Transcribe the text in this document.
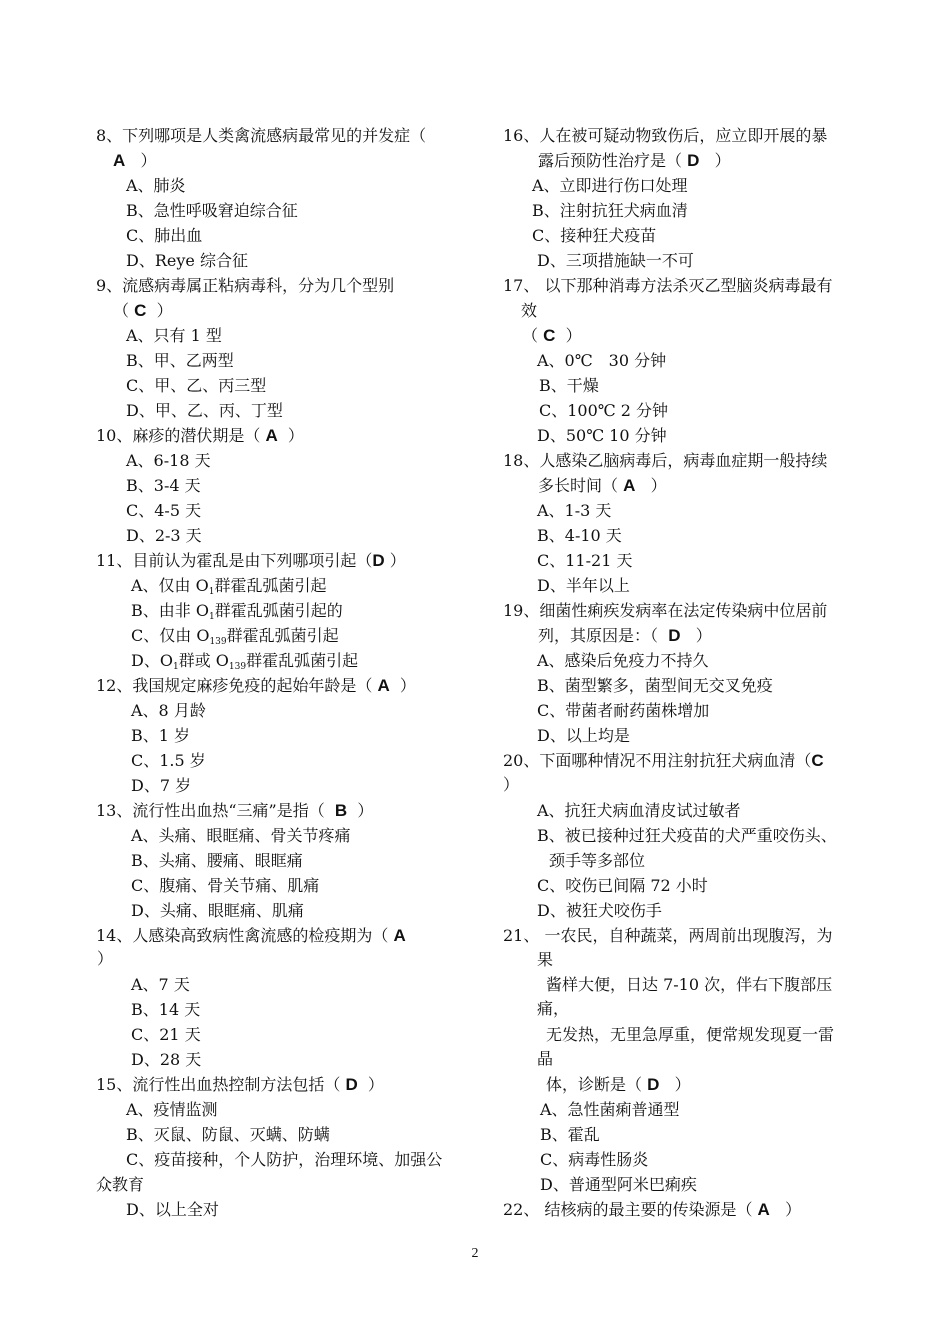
8、下列哪项是人类禽流感病最常见的并发症（
A ）
A、肺炎
B、急性呼吸窘迫综合征
C、肺出血
D、Reye 综合征
9、流感病毒属正粘病毒科，分为几个型别
（ C ）
A、只有 1 型
B、甲、乙两型
C、甲、乙、丙三型
D、甲、乙、丙、丁型
10、麻疹的潜伏期是（ A ）
A、6-18 天
B、3-4 天
C、4-5 天
D、2-3 天
11、目前认为霍乱是由下列哪项引起（D ）
A、仅由 $O_1$群霍乱弧菌引起
B、由非 $O_1$群霍乱弧菌引起的
C、仅由 $O_{139}$群霍乱弧菌引起
D、$O_1$群或 $O_{139}$群霍乱弧菌引起
12、我国规定麻疹免疫的起始年龄是（ A ）
A、8 月龄
B、1 岁
C、1.5 岁
D、7 岁
13、流行性出血热“三痛”是指（ B ）
A、头痛、眼眶痛、骨关节疼痛
B、头痛、腰痛、眼眶痛
C、腹痛、骨关节痛、肌痛
D、头痛、眼眶痛、肌痛
14、人感染高致病性禽流感的检疫期为（ A
）
A、7 天
B、14 天
C、21 天
D、28 天
15、流行性出血热控制方法包括（ D ）
A、疫情监测
B、灭鼠、防鼠、灭螨、防螨
C、疫苗接种，个人防护，治理环境、加强公
众教育
D、以上全对
16、人在被可疑动物致伤后，应立即开展的暴
露后预防性治疗是（ D ）
A、立即进行伤口处理
B、注射抗狂犬病血清
C、接种狂犬疫苗
D、三项措施缺一不可
17、 以下那种消毒方法杀灭乙型脑炎病毒最有
效
（ C ）
A、0℃　30 分钟
B、干燥
C、100℃ 2 分钟
D、50℃ 10 分钟
18、人感染乙脑病毒后，病毒血症期一般持续
多长时间（ A ）
A、1-3 天
B、4-10 天
C、11-21 天
D、半年以上
19、细菌性痢疾发病率在法定传染病中位居前
列，其原因是：（ D ）
A、感染后免疫力不持久
B、菌型繁多，菌型间无交叉免疫
C、带菌者耐药菌株增加
D、以上均是
20、下面哪种情况不用注射抗狂犬病血清（C
）
A、抗狂犬病血清皮试过敏者
B、被已接种过狂犬疫苗的犬严重咬伤头、
颈手等多部位
C、咬伤已间隔 72 小时
D、被狂犬咬伤手
21、 一农民，自种蔬菜，两周前出现腹泻，为
果
酱样大便，日达 7-10 次，伴右下腹部压
痛，
无发热，无里急厚重，便常规发现夏一雷
晶
体，诊断是（ D ）
A、急性菌痢普通型
B、霍乱
C、病毒性肠炎
D、普通型阿米巴痢疾
22、 结核病的最主要的传染源是（ A ）
2
